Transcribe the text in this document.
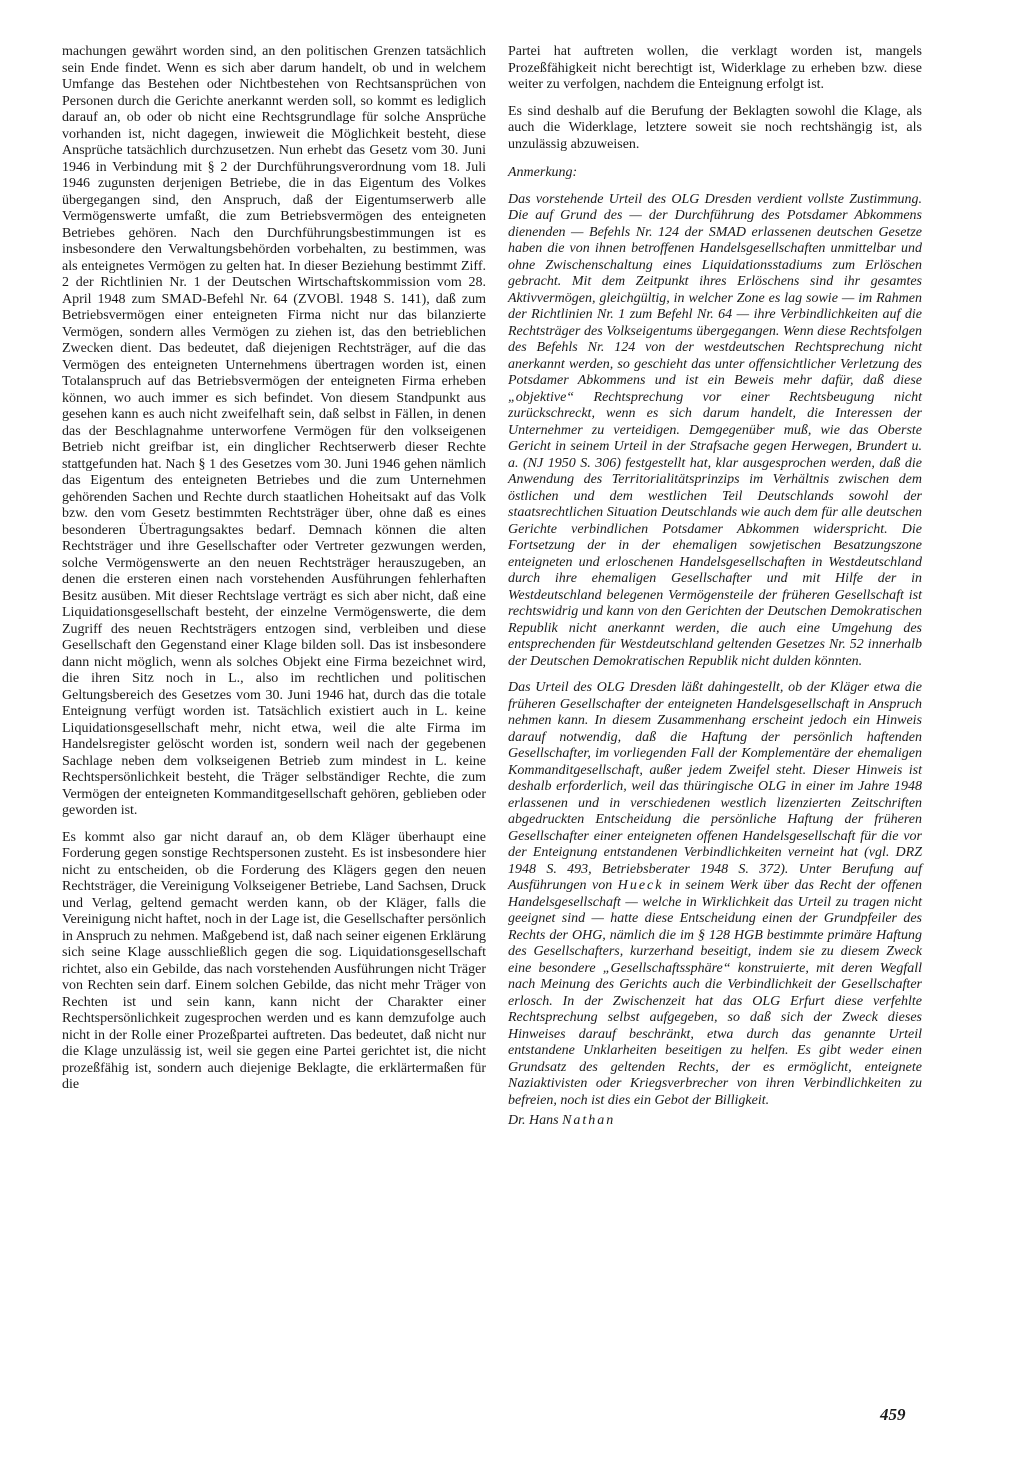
machungen gewährt worden sind, an den politischen Grenzen tatsächlich sein Ende findet. Wenn es sich aber darum handelt, ob und in welchem Umfange das Bestehen oder Nichtbestehen von Rechtsansprüchen von Personen durch die Gerichte anerkannt werden soll, so kommt es lediglich darauf an, ob oder ob nicht eine Rechtsgrundlage für solche Ansprüche vorhanden ist, nicht dagegen, inwieweit die Möglichkeit besteht, diese Ansprüche tatsächlich durchzusetzen. Nun erhebt das Gesetz vom 30. Juni 1946 in Verbindung mit § 2 der Durchführungsverordnung vom 18. Juli 1946 zugunsten derjenigen Betriebe, die in das Eigentum des Volkes übergegangen sind, den Anspruch, daß der Eigentumserwerb alle Vermögenswerte umfaßt, die zum Betriebsvermögen des enteigneten Betriebes gehören. Nach den Durchführungsbestimmungen ist es insbesondere den Verwaltungsbehörden vorbehalten, zu bestimmen, was als enteignetes Vermögen zu gelten hat. In dieser Beziehung bestimmt Ziff. 2 der Richtlinien Nr. 1 der Deutschen Wirtschaftskommission vom 28. April 1948 zum SMAD-Befehl Nr. 64 (ZVOBl. 1948 S. 141), daß zum Betriebsvermögen einer enteigneten Firma nicht nur das bilanzierte Vermögen, sondern alles Vermögen zu ziehen ist, das den betrieblichen Zwecken dient. Das bedeutet, daß diejenigen Rechtsträger, auf die das Vermögen des enteigneten Unternehmens übertragen worden ist, einen Totalanspruch auf das Betriebsvermögen der enteigneten Firma erheben können, wo auch immer es sich befindet. Von diesem Standpunkt aus gesehen kann es auch nicht zweifelhaft sein, daß selbst in Fällen, in denen das der Beschlagnahme unterworfene Vermögen für den volkseigenen Betrieb nicht greifbar ist, ein dinglicher Rechtserwerb dieser Rechte stattgefunden hat. Nach § 1 des Gesetzes vom 30. Juni 1946 gehen nämlich das Eigentum des enteigneten Betriebes und die zum Unternehmen gehörenden Sachen und Rechte durch staatlichen Hoheitsakt auf das Volk bzw. den vom Gesetz bestimmten Rechtsträger über, ohne daß es eines besonderen Übertragungsaktes bedarf. Demnach können die alten Rechtsträger und ihre Gesellschafter oder Vertreter gezwungen werden, solche Vermögenswerte an den neuen Rechtsträger herauszugeben, an denen die ersteren einen nach vorstehenden Ausführungen fehlerhaften Besitz ausüben. Mit dieser Rechtslage verträgt es sich aber nicht, daß eine Liquidationsgesellschaft besteht, der einzelne Vermögenswerte, die dem Zugriff des neuen Rechtsträgers entzogen sind, verbleiben und diese Gesellschaft den Gegenstand einer Klage bilden soll. Das ist insbesondere dann nicht möglich, wenn als solches Objekt eine Firma bezeichnet wird, die ihren Sitz noch in L., also im rechtlichen und politischen Geltungsbereich des Gesetzes vom 30. Juni 1946 hat, durch das die totale Enteignung verfügt worden ist. Tatsächlich existiert auch in L. keine Liquidationsgesellschaft mehr, nicht etwa, weil die alte Firma im Handelsregister gelöscht worden ist, sondern weil nach der gegebenen Sachlage neben dem volkseigenen Betrieb zum mindest in L. keine Rechtspersönlichkeit besteht, die Träger selbständiger Rechte, die zum Vermögen der enteigneten Kommanditgesellschaft gehören, geblieben oder geworden ist.

Es kommt also gar nicht darauf an, ob dem Kläger überhaupt eine Forderung gegen sonstige Rechtspersonen zusteht. Es ist insbesondere hier nicht zu entscheiden, ob die Forderung des Klägers gegen den neuen Rechtsträger, die Vereinigung Volkseigener Betriebe, Land Sachsen, Druck und Verlag, geltend gemacht werden kann, ob der Kläger, falls die Vereinigung nicht haftet, noch in der Lage ist, die Gesellschafter persönlich in Anspruch zu nehmen. Maßgebend ist, daß nach seiner eigenen Erklärung sich seine Klage ausschließlich gegen die sog. Liquidationsgesellschaft richtet, also ein Gebilde, das nach vorstehenden Ausführungen nicht Träger von Rechten sein darf. Einem solchen Gebilde, das nicht mehr Träger von Rechten ist und sein kann, kann nicht der Charakter einer Rechtspersönlichkeit zugesprochen werden und es kann demzufolge auch nicht in der Rolle einer Prozeßpartei auftreten. Das bedeutet, daß nicht nur die Klage unzulässig ist, weil sie gegen eine Partei gerichtet ist, die nicht prozeßfähig ist, sondern auch diejenige Beklagte, die erklärtermaßen für die

Partei hat auftreten wollen, die verklagt worden ist, mangels Prozeßfähigkeit nicht berechtigt ist, Widerklage zu erheben bzw. diese weiter zu verfolgen, nachdem die Enteignung erfolgt ist.

Es sind deshalb auf die Berufung der Beklagten sowohl die Klage, als auch die Widerklage, letztere soweit sie noch rechtshängig ist, als unzulässig abzuweisen.

Anmerkung:

Das vorstehende Urteil des OLG Dresden verdient vollste Zustimmung. Die auf Grund des — der Durchführung des Potsdamer Abkommens dienenden — Befehls Nr. 124 der SMAD erlassenen deutschen Gesetze haben die von ihnen betroffenen Handelsgesellschaften unmittelbar und ohne Zwischenschaltung eines Liquidationsstadiums zum Erlöschen gebracht. Mit dem Zeitpunkt ihres Erlöschens sind ihr gesamtes Aktivvermögen, gleichgültig, in welcher Zone es lag sowie — im Rahmen der Richtlinien Nr. 1 zum Befehl Nr. 64 — ihre Verbindlichkeiten auf die Rechtsträger des Volkseigentums übergegangen. Wenn diese Rechtsfolgen des Befehls Nr. 124 von der westdeutschen Rechtsprechung nicht anerkannt werden, so geschieht das unter offensichtlicher Verletzung des Potsdamer Abkommens und ist ein Beweis mehr dafür, daß diese „objektive“ Rechtsprechung vor einer Rechtsbeugung nicht zurückschreckt, wenn es sich darum handelt, die Interessen der Unternehmer zu verteidigen. Demgegenüber muß, wie das Oberste Gericht in seinem Urteil in der Strafsache gegen Herwegen, Brundert u. a. (NJ 1950 S. 306) festgestellt hat, klar ausgesprochen werden, daß die Anwendung des Territorialitätsprinzips im Verhältnis zwischen dem östlichen und dem westlichen Teil Deutschlands sowohl der staatsrechtlichen Situation Deutschlands wie auch dem für alle deutschen Gerichte verbindlichen Potsdamer Abkommen widerspricht. Die Fortsetzung der in der ehemaligen sowjetischen Besatzungszone enteigneten und erloschenen Handelsgesellschaften in Westdeutschland durch ihre ehemaligen Gesellschafter und mit Hilfe der in Westdeutschland belegenen Vermögensteile der früheren Gesellschaft ist rechtswidrig und kann von den Gerichten der Deutschen Demokratischen Republik nicht anerkannt werden, die auch eine Umgehung des entsprechenden für Westdeutschland geltenden Gesetzes Nr. 52 innerhalb der Deutschen Demokratischen Republik nicht dulden könnten.

Das Urteil des OLG Dresden läßt dahingestellt, ob der Kläger etwa die früheren Gesellschafter der enteigneten Handelsgesellschaft in Anspruch nehmen kann. In diesem Zusammenhang erscheint jedoch ein Hinweis darauf notwendig, daß die Haftung der persönlich haftenden Gesellschafter, im vorliegenden Fall der Komplementäre der ehemaligen Kommanditgesellschaft, außer jedem Zweifel steht. Dieser Hinweis ist deshalb erforderlich, weil das thüringische OLG in einer im Jahre 1948 erlassenen und in verschiedenen westlich lizenzierten Zeitschriften abgedruckten Entscheidung die persönliche Haftung der früheren Gesellschafter einer enteigneten offenen Handelsgesellschaft für die vor der Enteignung entstandenen Verbindlichkeiten verneint hat (vgl. DRZ 1948 S. 493, Betriebsberater 1948 S. 372). Unter Berufung auf Ausführungen von Hueck in seinem Werk über das Recht der offenen Handelsgesellschaft — welche in Wirklichkeit das Urteil zu tragen nicht geeignet sind — hatte diese Entscheidung einen der Grundpfeiler des Rechts der OHG, nämlich die im § 128 HGB bestimmte primäre Haftung des Gesellschafters, kurzerhand beseitigt, indem sie zu diesem Zweck eine besondere „Gesellschaftssphäre“ konstruierte, mit deren Wegfall nach Meinung des Gerichts auch die Verbindlichkeit der Gesellschafter erlosch. In der Zwischenzeit hat das OLG Erfurt diese verfehlte Rechtsprechung selbst aufgegeben, so daß sich der Zweck dieses Hinweises darauf beschränkt, etwa durch das genannte Urteil entstandene Unklarheiten beseitigen zu helfen. Es gibt weder einen Grundsatz des geltenden Rechts, der es ermöglicht, enteignete Naziaktivisten oder Kriegsverbrecher von ihren Verbindlichkeiten zu befreien, noch ist dies ein Gebot der Billigkeit.

Dr. Hans Nathan

459
